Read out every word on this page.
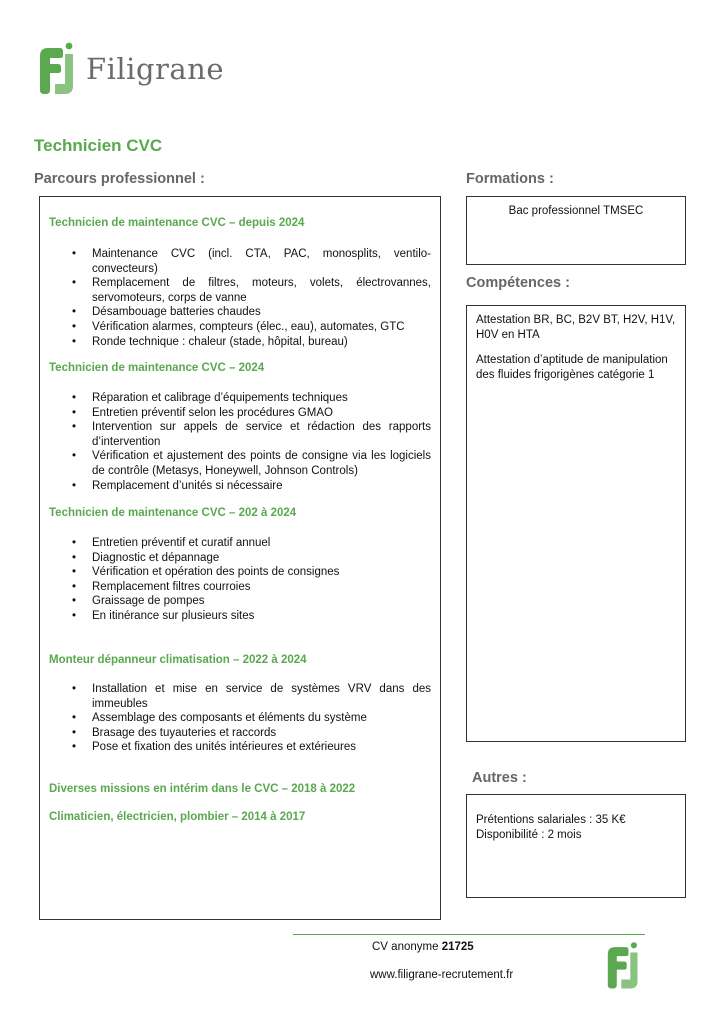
Filigrane
Technicien CVC
Parcours professionnel :
Technicien de maintenance CVC – depuis 2024
• Maintenance CVC (incl. CTA, PAC, monosplits, ventilo-convecteurs)
• Remplacement de filtres, moteurs, volets, électrovannes, servomoteurs, corps de vanne
• Désambouage batteries chaudes
• Vérification alarmes, compteurs (élec., eau), automates, GTC
• Ronde technique : chaleur (stade, hôpital, bureau)
Technicien de maintenance CVC – 2024
• Réparation et calibrage d’équipements techniques
• Entretien préventif selon les procédures GMAO
• Intervention sur appels de service et rédaction des rapports d’intervention
• Vérification et ajustement des points de consigne via les logiciels de contrôle (Metasys, Honeywell, Johnson Controls)
• Remplacement d’unités si nécessaire
Technicien de maintenance CVC – 202 à 2024
• Entretien préventif et curatif annuel
• Diagnostic et dépannage
• Vérification et opération des points de consignes
• Remplacement filtres courroies
• Graissage de pompes
• En itinérance sur plusieurs sites
Monteur dépanneur climatisation – 2022 à 2024
• Installation et mise en service de systèmes VRV dans des immeubles
• Assemblage des composants et éléments du système
• Brasage des tuyauteries et raccords
• Pose et fixation des unités intérieures et extérieures
Diverses missions en intérim dans le CVC – 2018 à 2022
Climaticien, électricien, plombier – 2014 à 2017
Formations :
Bac professionnel TMSEC
Compétences :
Attestation BR, BC, B2V BT, H2V, H1V, H0V en HTA
Attestation d’aptitude de manipulation des fluides frigorigènes catégorie 1
Autres :
Prétentions salariales : 35 K€
Disponibilité : 2 mois
CV anonyme 21725
www.filigrane-recrutement.fr
